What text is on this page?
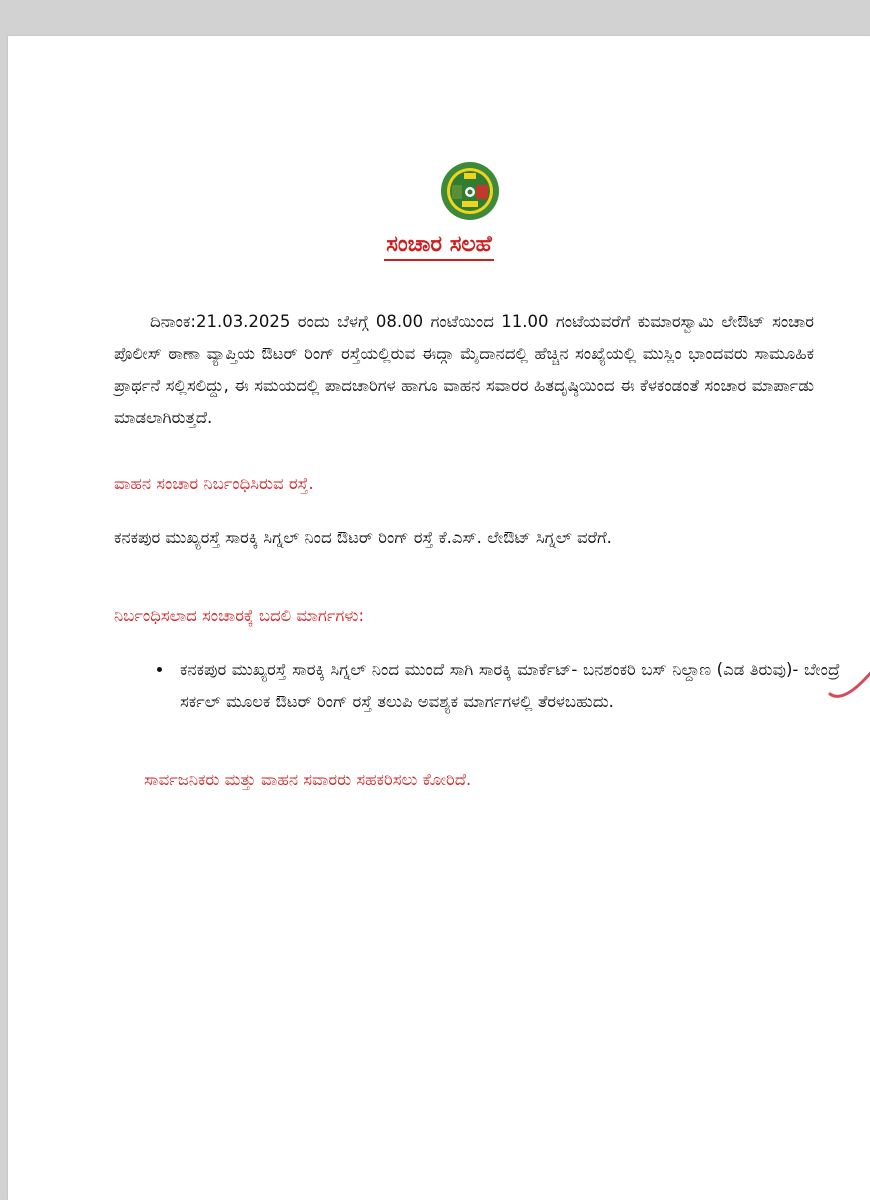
ಸಂಚಾರ ಸಲಹೆ
ದಿನಾಂಕ:21.03.2025 ರಂದು ಬೆಳಗ್ಗೆ 08.00 ಗಂಟೆಯಿಂದ 11.00 ಗಂಟೆಯವರೆಗೆ ಕುಮಾರಸ್ವಾಮಿ ಲೇಔಟ್ ಸಂಚಾರ ಪೊಲೀಸ್ ಠಾಣಾ ವ್ಯಾಪ್ತಿಯ ಔಟರ್ ರಿಂಗ್ ರಸ್ತೆಯಲ್ಲಿರುವ ಈದ್ಗಾ ಮೈದಾನದಲ್ಲಿ ಹೆಚ್ಚಿನ ಸಂಖ್ಯೆಯಲ್ಲಿ ಮುಸ್ಲಿಂ ಭಾಂದವರು ಸಾಮೂಹಿಕ ಪ್ರಾರ್ಥನೆ ಸಲ್ಲಿಸಲಿದ್ದು, ಈ ಸಮಯದಲ್ಲಿ ಪಾದಚಾರಿಗಳ ಹಾಗೂ ವಾಹನ ಸವಾರರ ಹಿತದೃಷ್ಠಿಯಿಂದ ಈ ಕೆಳಕಂಡಂತೆ ಸಂಚಾರ ಮಾರ್ಪಾಡು ಮಾಡಲಾಗಿರುತ್ತದೆ.
ವಾಹನ ಸಂಚಾರ ನಿರ್ಬಂಧಿಸಿರುವ ರಸ್ತೆ.
ಕನಕಪುರ ಮುಖ್ಯರಸ್ತೆ ಸಾರಕ್ಕಿ ಸಿಗ್ನಲ್ ನಿಂದ ಔಟರ್ ರಿಂಗ್ ರಸ್ತೆ ಕೆ.ಎಸ್. ಲೇಔಟ್ ಸಿಗ್ನಲ್ ವರೆಗೆ.
ನಿರ್ಬಂಧಿಸಲಾದ ಸಂಚಾರಕ್ಕೆ ಬದಲಿ ಮಾರ್ಗಗಳು:
• ಕನಕಪುರ ಮುಖ್ಯರಸ್ತೆ ಸಾರಕ್ಕಿ ಸಿಗ್ನಲ್ ನಿಂದ ಮುಂದೆ ಸಾಗಿ ಸಾರಕ್ಕಿ ಮಾರ್ಕೆಟ್- ಬನಶಂಕರಿ ಬಸ್ ನಿಲ್ದಾಣ (ಎಡ ತಿರುವು)- ಬೇಂದ್ರೆ ಸರ್ಕಲ್ ಮೂಲಕ ಔಟರ್ ರಿಂಗ್ ರಸ್ತೆ ತಲುಪಿ ಅವಶ್ಯಕ ಮಾರ್ಗಗಳಲ್ಲಿ ತೆರಳಬಹುದು.
ಸಾರ್ವಜನಿಕರು ಮತ್ತು ವಾಹನ ಸವಾರರು ಸಹಕರಿಸಲು ಕೋರಿದೆ.
